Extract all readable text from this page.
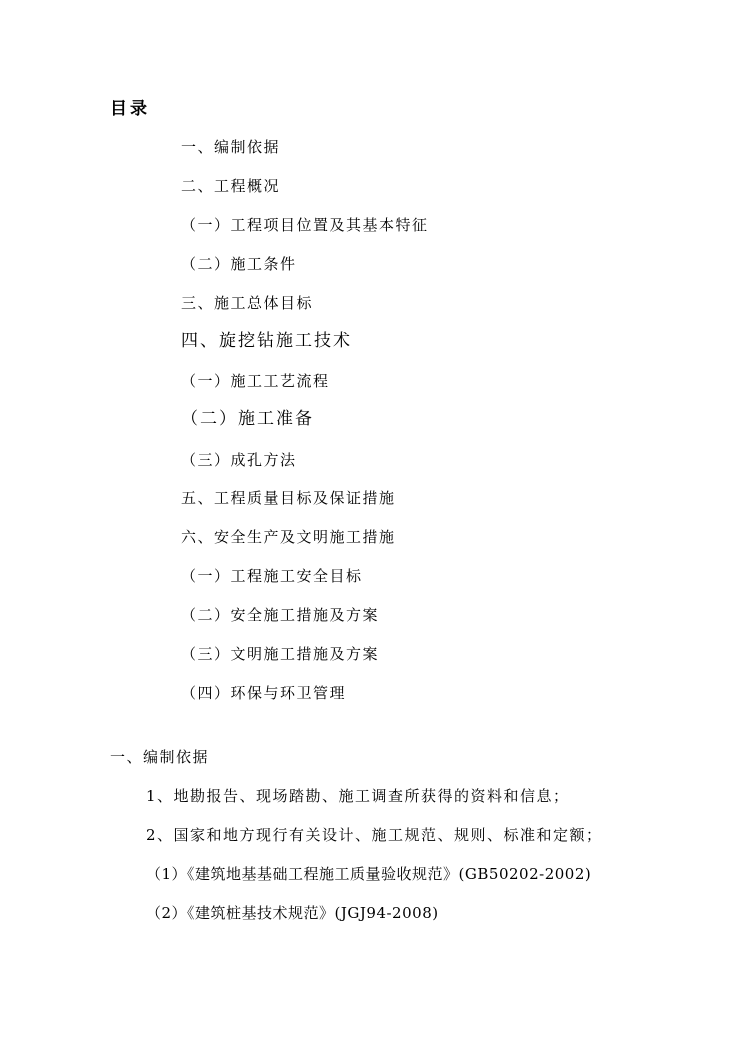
目录
一、编制依据
二、工程概况
（一）工程项目位置及其基本特征
（二）施工条件
三、施工总体目标
四、旋挖钻施工技术
（一）施工工艺流程
（二）施工准备
（三）成孔方法
五、工程质量目标及保证措施
六、安全生产及文明施工措施
（一）工程施工安全目标
（二）安全施工措施及方案
（三）文明施工措施及方案
（四）环保与环卫管理
一、编制依据
1、地勘报告、现场踏勘、施工调查所获得的资料和信息；
2、国家和地方现行有关设计、施工规范、规则、标准和定额；
（1）《建筑地基基础工程施工质量验收规范》(GB50202-2002)
（2）《建筑桩基技术规范》(JGJ94-2008)
